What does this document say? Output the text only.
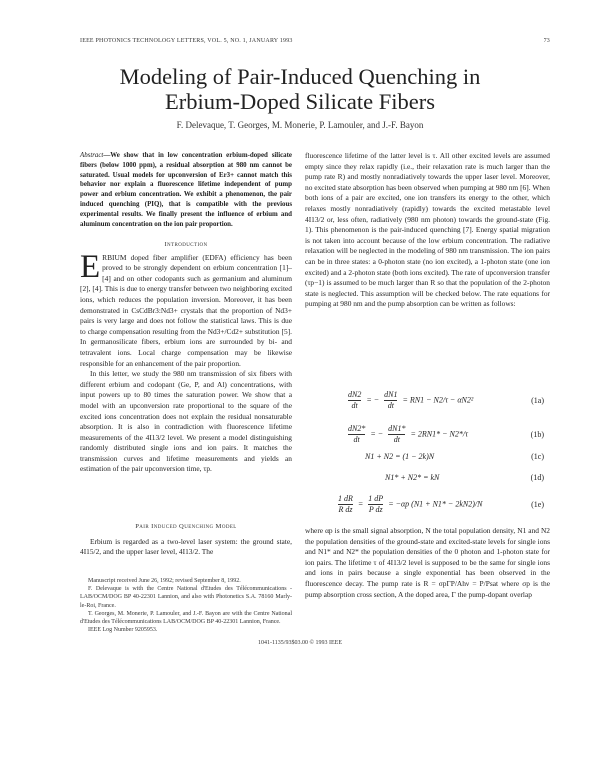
IEEE PHOTONICS TECHNOLOGY LETTERS, VOL. 5, NO. 1, JANUARY 1993	73
Modeling of Pair-Induced Quenching in
Erbium-Doped Silicate Fibers
F. Delevaque, T. Georges, M. Monerie, P. Lamouler, and J.-F. Bayon
Abstract—We show that in low concentration erbium-doped silicate fibers (below 1000 ppm), a residual absorption at 980 nm cannot be saturated. Usual models for upconversion of Er3+ cannot match this behavior nor explain a fluorescence lifetime independent of pump power and erbium concentration. We exhibit a phenomenon, the pair induced quenching (PIQ), that is compatible with the previous experimental results. We finally present the influence of erbium and aluminum concentration on the ion pair proportion.
Introduction

ERBIUM doped fiber amplifier (EDFA) efficiency has been proved to be strongly dependent on erbium concentration [1]–[4] and on other codopants such as germanium and aluminum [2], [4]. This is due to energy transfer between two neighboring excited ions, which reduces the population inversion. Moreover, it has been demonstrated in CsCdBr3:Nd3+ crystals that the proportion of Nd3+ pairs is very large and does not follow the statistical laws. This is due to charge compensation resulting from the Nd3+/Cd2+ substitution [5]. In germanosilicate fibers, erbium ions are surrounded by bi- and tetravalent ions. Local charge compensation may be likewise responsible for an enhancement of the pair proportion.

In this letter, we study the 980 nm transmission of six fibers with different erbium and codopant (Ge, P, and Al) concentrations, with input powers up to 80 times the saturation power. We show that a model with an upconversion rate proportional to the square of the excited ions concentration does not explain the residual nonsaturable absorption. It is also in contradiction with fluorescence lifetime measurements of the 4I13/2 level. We present a model distinguishing randomly distributed single ions and ion pairs. It matches the transmission curves and lifetime measurements and yields an estimation of the pair upconversion time, τp.

Pair Induced Quenching Model

Erbium is regarded as a two-level laser system: the ground state, 4I15/2, and the upper laser level, 4I13/2. The

Manuscript received June 26, 1992; revised September 8, 1992.

F. Delevaque is with the Centre National d'Etudes des Télécommunications - LAB/OCM/DOG BP 40-22301 Lannion, and also with Photonetics S.A. 78160 Marly-le-Roi, France.

T. Georges, M. Monerie, P. Lamouler, and J.-F. Bayon are with the Centre National d'Etudes des Télécommunications LAB/OCM/DOG BP 40-22301 Lannion, France.

IEEE Log Number 9205953.

fluorescence lifetime of the latter level is τ. All other excited levels are assumed empty since they relax rapidly (i.e., their relaxation rate is much larger than the pump rate R) and mostly nonradiatively towards the upper laser level. Moreover, no excited state absorption has been observed when pumping at 980 nm [6]. When both ions of a pair are excited, one ion transfers its energy to the other, which relaxes mostly nonradiatively (rapidly) towards the excited metastable level 4I13/2 or, less often, radiatively (980 nm photon) towards the ground-state (Fig. 1). This phenomenon is the pair-induced quenching [7]. Energy spatial migration is not taken into account because of the low erbium concentration. The radiative relaxation will be neglected in the modeling of 980 nm transmission. The ion pairs can be in three states: a 0-photon state (no ion excited), a 1-photon state (one ion excited) and a 2-photon state (both ions excited). The rate of upconversion transfer (τp−1) is assumed to be much larger than R so that the population of the 2-photon state is neglected. This assumption will be checked below. The rate equations for pumping at 980 nm and the pump absorption can be written as follows:

$\frac{dN2}{dt}$ = − $\frac{dN1}{dt} = RN1 - N2/\tau - \alpha N2^2$	(1a)
$\frac{dN2*}{dt}$ = − $\frac{dN1*}{dt} = 2RN1* - N2*/\tau$	(1b)
N1 + N2 = (1 − 2k)N	(1c)
N1* + N2* = kN	(1d)
$\frac{1 dR}{\text{R dz}} = \frac{1 dP}{\text{P dz}} = -\alpha p$ (N1 + N1* − 2kN2)/N	(1e)

where αp is the small signal absorption, N the total population density, N1 and N2 the population densities of the ground-state and excited-state levels for single ions and N1* and N2* the population densities of the 0 photon and 1-photon state for ion pairs. The lifetime τ of 4I13/2 level is supposed to be the same for single ions and ions in pairs because a single exponential has been observed in the fluorescence decay. The pump rate is R = σpΓP/Ahν = P/Psat where σp is the pump absorption cross section, A the doped area, Γ the pump-dopant overlap

1041-1135/93$03.00 © 1993 IEEE
